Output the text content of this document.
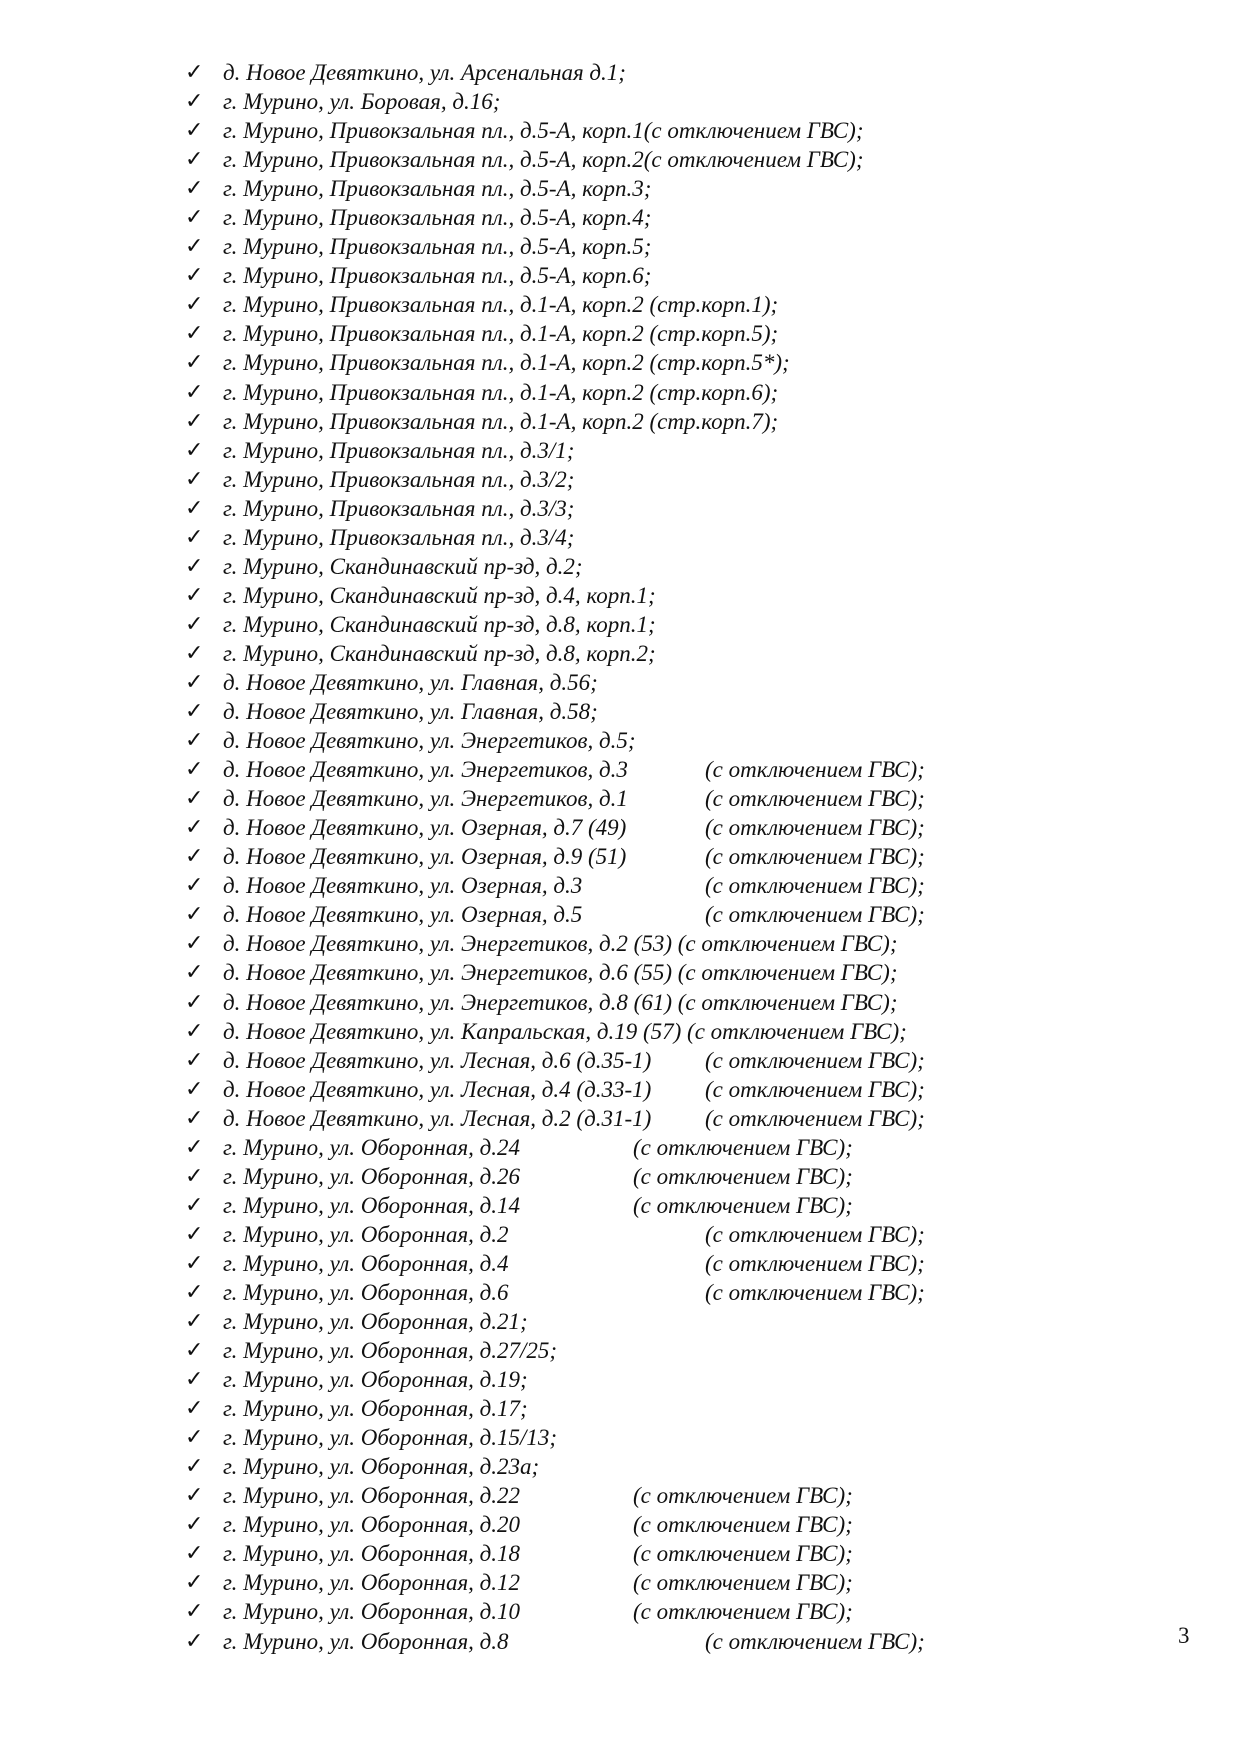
✓ д. Новое Девяткино, ул. Арсенальная д.1;
✓ г. Мурино, ул. Боровая, д.16;
✓ г. Мурино, Привокзальная пл., д.5-А, корп.1(с отключением ГВС);
✓ г. Мурино, Привокзальная пл., д.5-А, корп.2(с отключением ГВС);
✓ г. Мурино, Привокзальная пл., д.5-А, корп.3;
✓ г. Мурино, Привокзальная пл., д.5-А, корп.4;
✓ г. Мурино, Привокзальная пл., д.5-А, корп.5;
✓ г. Мурино, Привокзальная пл., д.5-А, корп.6;
✓ г. Мурино, Привокзальная пл., д.1-А, корп.2 (стр.корп.1);
✓ г. Мурино, Привокзальная пл., д.1-А, корп.2 (стр.корп.5);
✓ г. Мурино, Привокзальная пл., д.1-А, корп.2 (стр.корп.5*);
✓ г. Мурино, Привокзальная пл., д.1-А, корп.2 (стр.корп.6);
✓ г. Мурино, Привокзальная пл., д.1-А, корп.2 (стр.корп.7);
✓ г. Мурино, Привокзальная пл., д.3/1;
✓ г. Мурино, Привокзальная пл., д.3/2;
✓ г. Мурино, Привокзальная пл., д.3/3;
✓ г. Мурино, Привокзальная пл., д.3/4;
✓ г. Мурино, Скандинавский пр-зд, д.2;
✓ г. Мурино, Скандинавский пр-зд, д.4, корп.1;
✓ г. Мурино, Скандинавский пр-зд, д.8, корп.1;
✓ г. Мурино, Скандинавский пр-зд, д.8, корп.2;
✓ д. Новое Девяткино, ул. Главная, д.56;
✓ д. Новое Девяткино, ул. Главная, д.58;
✓ д. Новое Девяткино, ул. Энергетиков, д.5;
✓ д. Новое Девяткино, ул. Энергетиков, д.3	(с отключением ГВС);
✓ д. Новое Девяткино, ул. Энергетиков, д.1	(с отключением ГВС);
✓ д. Новое Девяткино, ул. Озерная, д.7 (49)	(с отключением ГВС);
✓ д. Новое Девяткино, ул. Озерная, д.9 (51)	(с отключением ГВС);
✓ д. Новое Девяткино, ул. Озерная, д.3	(с отключением ГВС);
✓ д. Новое Девяткино, ул. Озерная, д.5	(с отключением ГВС);
✓ д. Новое Девяткино, ул. Энергетиков, д.2 (53) (с отключением ГВС);
✓ д. Новое Девяткино, ул. Энергетиков, д.6 (55) (с отключением ГВС);
✓ д. Новое Девяткино, ул. Энергетиков, д.8 (61) (с отключением ГВС);
✓ д. Новое Девяткино, ул. Капральская, д.19 (57) (с отключением ГВС);
✓ д. Новое Девяткино, ул. Лесная, д.6 (д.35-1) (с отключением ГВС);
✓ д. Новое Девяткино, ул. Лесная, д.4 (д.33-1) (с отключением ГВС);
✓ д. Новое Девяткино, ул. Лесная, д.2 (д.31-1) (с отключением ГВС);
✓ г. Мурино, ул. Оборонная, д.24	(с отключением ГВС);
✓ г. Мурино, ул. Оборонная, д.26	(с отключением ГВС);
✓ г. Мурино, ул. Оборонная, д.14	(с отключением ГВС);
✓ г. Мурино, ул. Оборонная, д.2	(с отключением ГВС);
✓ г. Мурино, ул. Оборонная, д.4	(с отключением ГВС);
✓ г. Мурино, ул. Оборонная, д.6	(с отключением ГВС);
✓ г. Мурино, ул. Оборонная, д.21;
✓ г. Мурино, ул. Оборонная, д.27/25;
✓ г. Мурино, ул. Оборонная, д.19;
✓ г. Мурино, ул. Оборонная, д.17;
✓ г. Мурино, ул. Оборонная, д.15/13;
✓ г. Мурино, ул. Оборонная, д.23а;
✓ г. Мурино, ул. Оборонная, д.22	(с отключением ГВС);
✓ г. Мурино, ул. Оборонная, д.20	(с отключением ГВС);
✓ г. Мурино, ул. Оборонная, д.18	(с отключением ГВС);
✓ г. Мурино, ул. Оборонная, д.12	(с отключением ГВС);
✓ г. Мурино, ул. Оборонная, д.10	(с отключением ГВС);
✓ г. Мурино, ул. Оборонная, д.8	(с отключением ГВС);	3
